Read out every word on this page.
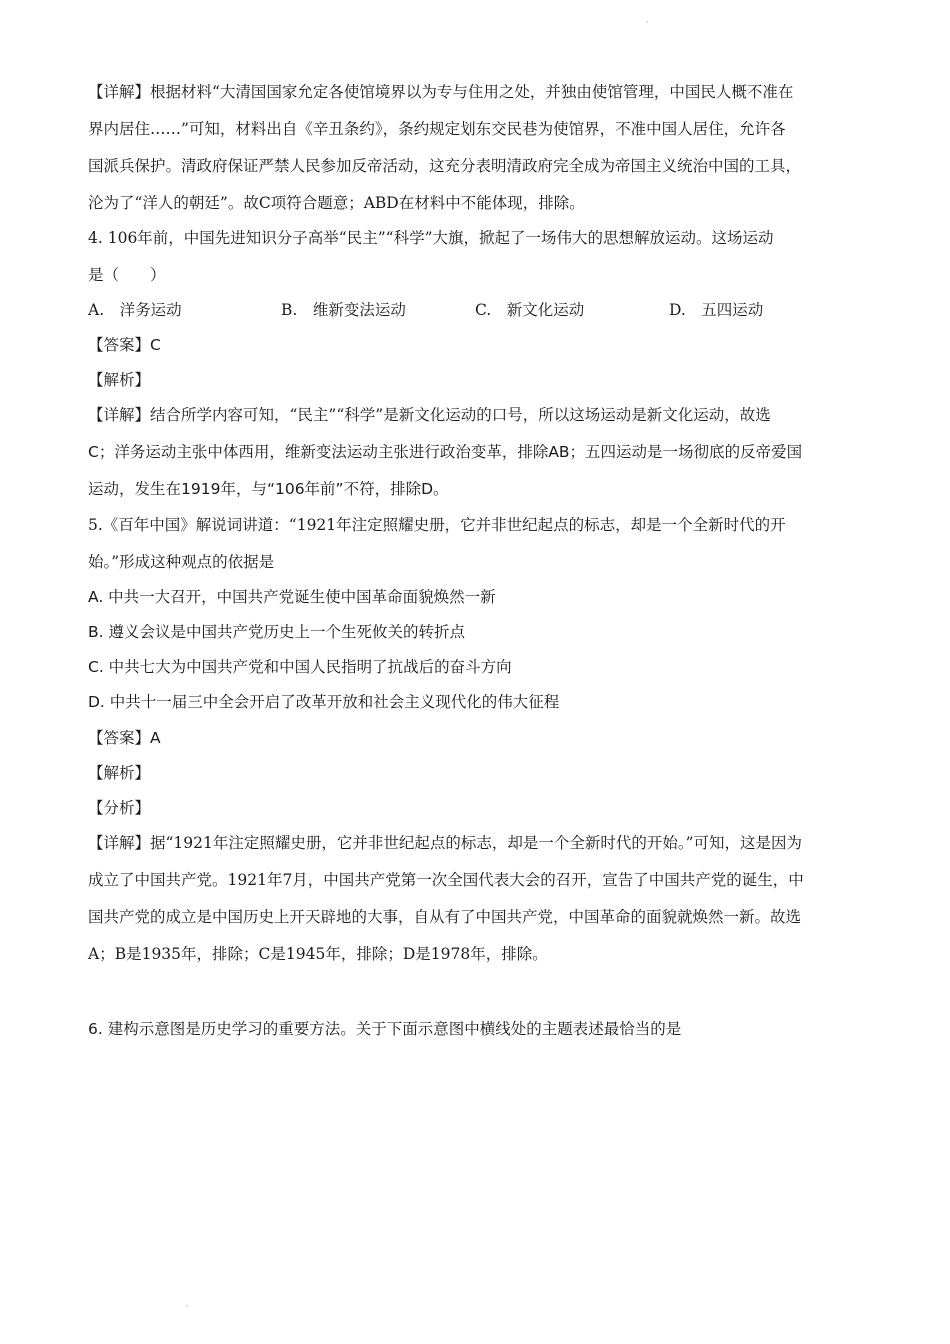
·
【详解】根据材料“大清国国家允定各使馆境界以为专与住用之处，并独由使馆管理，中国民人概不准在
界内居住……”可知，材料出自《辛丑条约》，条约规定划东交民巷为使馆界，不准中国人居住，允许各
国派兵保护。清政府保证严禁人民参加反帝活动，这充分表明清政府完全成为帝国主义统治中国的工具，
沦为了“洋人的朝廷”。故C项符合题意；ABD在材料中不能体现，排除。
4. 106年前，中国先进知识分子高举“民主”“科学”大旗，掀起了一场伟大的思想解放运动。这场运动
是（　　）
A.　洋务运动	B.　维新变法运动	C.　新文化运动	D.　五四运动
【答案】C
【解析】
【详解】结合所学内容可知，“民主”“科学”是新文化运动的口号，所以这场运动是新文化运动，故选
C；洋务运动主张中体西用，维新变法运动主张进行政治变革，排除AB；五四运动是一场彻底的反帝爱国
运动，发生在1919年，与“106年前”不符，排除D。
5.《百年中国》解说词讲道：“1921年注定照耀史册，它并非世纪起点的标志，却是一个全新时代的开
始。”形成这种观点的依据是
A. 中共一大召开，中国共产党诞生使中国革命面貌焕然一新
B. 遵义会议是中国共产党历史上一个生死攸关的转折点
C. 中共七大为中国共产党和中国人民指明了抗战后的奋斗方向
D. 中共十一届三中全会开启了改革开放和社会主义现代化的伟大征程
【答案】A
【解析】
【分析】
【详解】据“1921年注定照耀史册，它并非世纪起点的标志，却是一个全新时代的开始。”可知，这是因为
成立了中国共产党。1921年7月，中国共产党第一次全国代表大会的召开，宣告了中国共产党的诞生，中
国共产党的成立是中国历史上开天辟地的大事，自从有了中国共产党，中国革命的面貌就焕然一新。故选
A；B是1935年，排除；C是1945年，排除；D是1978年，排除。
6. 建构示意图是历史学习的重要方法。关于下面示意图中横线处的主题表述最恰当的是
·
